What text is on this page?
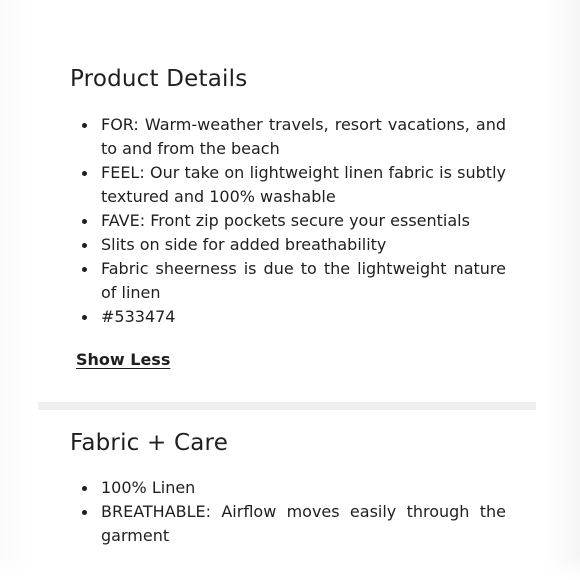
Product Details
FOR: Warm-weather travels, resort vacations, and to and from the beach
FEEL: Our take on lightweight linen fabric is subtly textured and 100% washable
FAVE: Front zip pockets secure your essentials
Slits on side for added breathability
Fabric sheerness is due to the lightweight nature of linen
#533474
Show Less
Fabric + Care
100% Linen
BREATHABLE: Airflow moves easily through the garment
